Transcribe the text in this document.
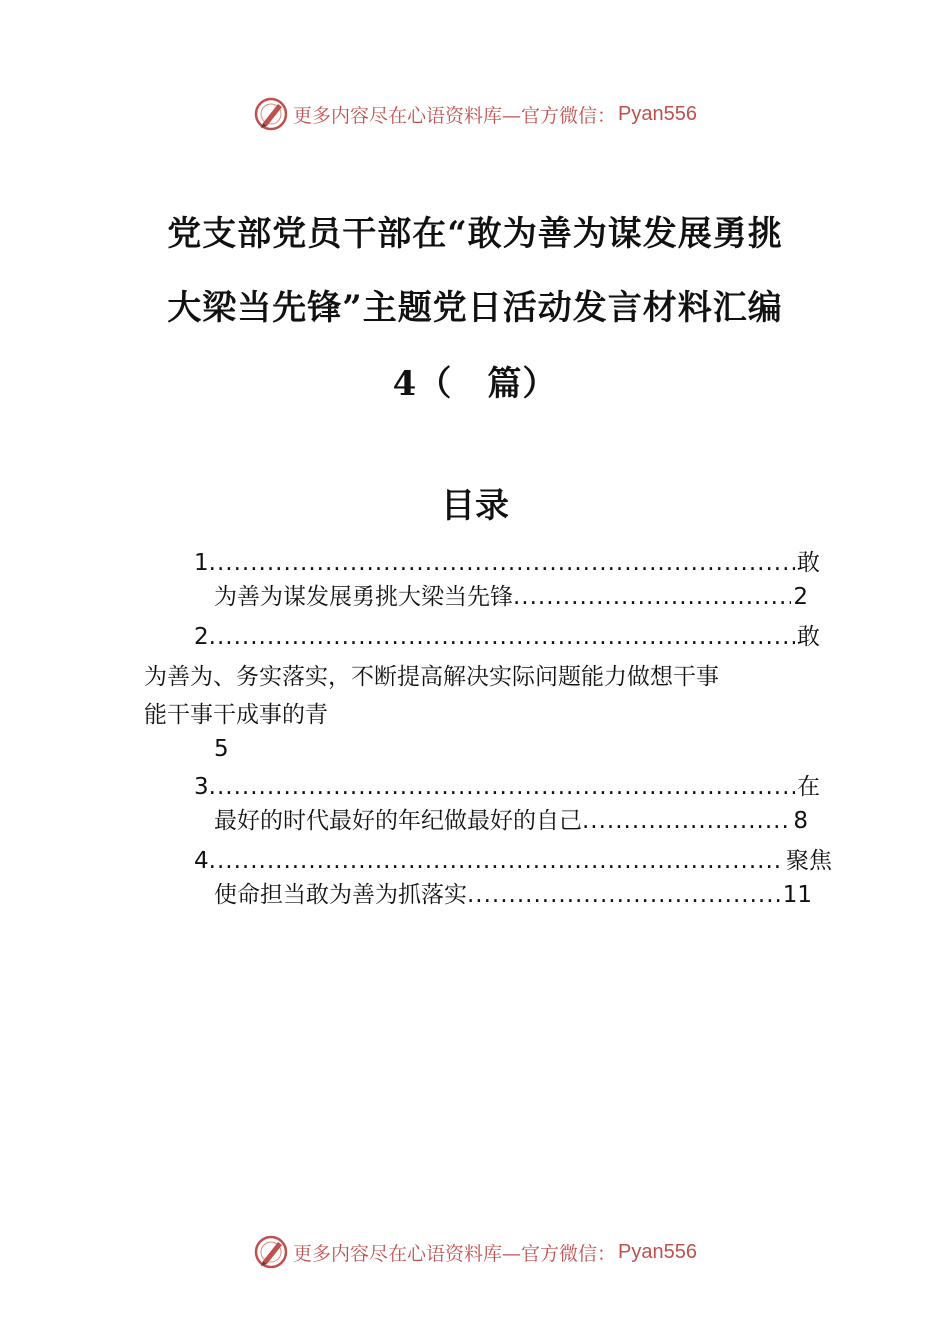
更多内容尽在心语资料库—官方微信： Pyan556
党支部党员干部在“敢为善为谋发展勇挑
大梁当先锋”主题党日活动发言材料汇编
4（　篇）
目录
1 .....	敢
为善为谋发展勇挑大梁当先锋 .....	2
2 .....	敢
为善为、务实落实，不断提高解决实际问题能力做想干事
能干事干成事的青
5
3 .....	在
最好的时代最好的年纪做最好的自己 .....	8
4 .....	聚焦
使命担当敢为善为抓落实 .....	11
更多内容尽在心语资料库—官方微信： Pyan556
